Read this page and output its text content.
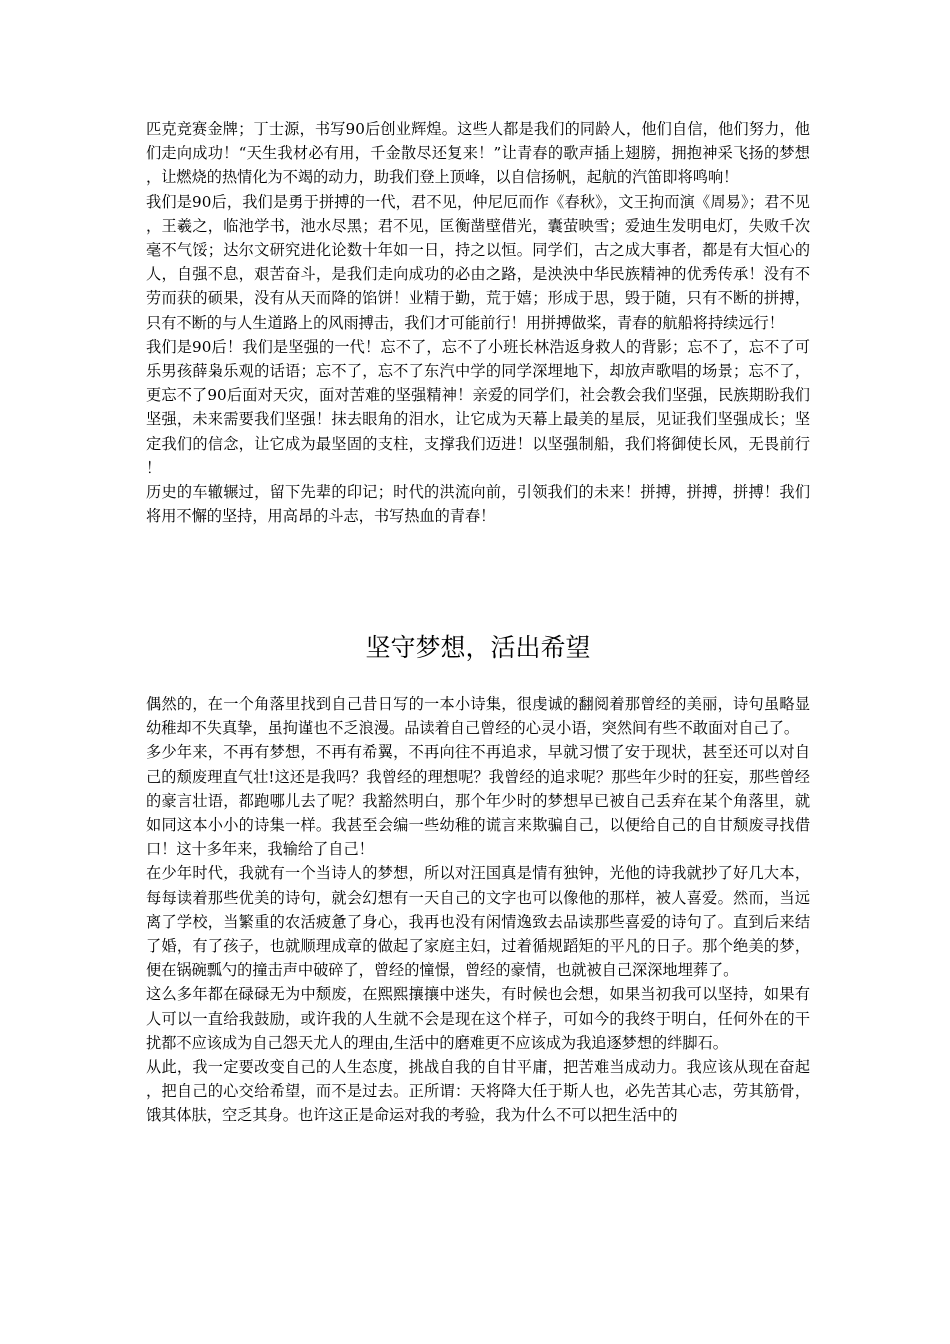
匹克竞赛金牌；丁士源，书写90后创业辉煌。这些人都是我们的同龄人，他们自信，他们努力，他们走向成功！“天生我材必有用，千金散尽还复来！”让青春的歌声插上翅膀，拥抱神采飞扬的梦想，让燃烧的热情化为不竭的动力，助我们登上顶峰，以自信扬帆，起航的汽笛即将鸣响！

我们是90后，我们是勇于拼搏的一代，君不见，仲尼厄而作《春秋》，文王拘而演《周易》；君不见，王羲之，临池学书，池水尽黑；君不见，匡衡凿壁借光，囊萤映雪；爱迪生发明电灯，失败千次毫不气馁；达尔文研究进化论数十年如一日，持之以恒。同学们，古之成大事者，都是有大恒心的人，自强不息，艰苦奋斗，是我们走向成功的必由之路，是泱泱中华民族精神的优秀传承！没有不劳而获的硕果，没有从天而降的馅饼！业精于勤，荒于嬉；形成于思，毁于随，只有不断的拼搏，只有不断的与人生道路上的风雨搏击，我们才可能前行！用拼搏做桨，青春的航船将持续远行！

我们是90后！我们是坚强的一代！忘不了，忘不了小班长林浩返身救人的背影；忘不了，忘不了可乐男孩薛枭乐观的话语；忘不了，忘不了东汽中学的同学深埋地下，却放声歌唱的场景；忘不了，更忘不了90后面对天灾，面对苦难的坚强精神！亲爱的同学们，社会教会我们坚强，民族期盼我们坚强，未来需要我们坚强！抹去眼角的泪水，让它成为天幕上最美的星辰，见证我们坚强成长；坚定我们的信念，让它成为最坚固的支柱，支撑我们迈进！以坚强制船，我们将御使长风，无畏前行！

历史的车辙辗过，留下先辈的印记；时代的洪流向前，引领我们的未来！拼搏，拼搏，拼搏！我们将用不懈的坚持，用高昂的斗志，书写热血的青春！

坚守梦想，活出希望

偶然的，在一个角落里找到自己昔日写的一本小诗集，很虔诚的翻阅着那曾经的美丽，诗句虽略显幼稚却不失真挚，虽拘谨也不乏浪漫。品读着自己曾经的心灵小语，突然间有些不敢面对自己了。

多少年来，不再有梦想，不再有希翼，不再向往不再追求，早就习惯了安于现状，甚至还可以对自己的颓废理直气壮!这还是我吗？我曾经的理想呢？我曾经的追求呢？那些年少时的狂妄，那些曾经的豪言壮语，都跑哪儿去了呢？我豁然明白，那个年少时的梦想早已被自己丢弃在某个角落里，就如同这本小小的诗集一样。我甚至会编一些幼稚的谎言来欺骗自己，以便给自己的自甘颓废寻找借口！这十多年来，我输给了自己！

在少年时代，我就有一个当诗人的梦想，所以对汪国真是情有独钟，光他的诗我就抄了好几大本，每每读着那些优美的诗句，就会幻想有一天自己的文字也可以像他的那样，被人喜爱。然而，当远离了学校，当繁重的农活疲惫了身心，我再也没有闲情逸致去品读那些喜爱的诗句了。直到后来结了婚，有了孩子，也就顺理成章的做起了家庭主妇，过着循规蹈矩的平凡的日子。那个绝美的梦，便在锅碗瓢勺的撞击声中破碎了，曾经的憧憬，曾经的豪情，也就被自己深深地埋葬了。

这么多年都在碌碌无为中颓废，在熙熙攘攘中迷失，有时候也会想，如果当初我可以坚持，如果有人可以一直给我鼓励，或许我的人生就不会是现在这个样子，可如今的我终于明白，任何外在的干扰都不应该成为自己怨天尤人的理由,生活中的磨难更不应该成为我追逐梦想的绊脚石。

从此，我一定要改变自己的人生态度，挑战自我的自甘平庸，把苦难当成动力。我应该从现在奋起，把自己的心交给希望，而不是过去。正所谓：天将降大任于斯人也，必先苦其心志，劳其筋骨，饿其体肤，空乏其身。也许这正是命运对我的考验，我为什么不可以把生活中的
